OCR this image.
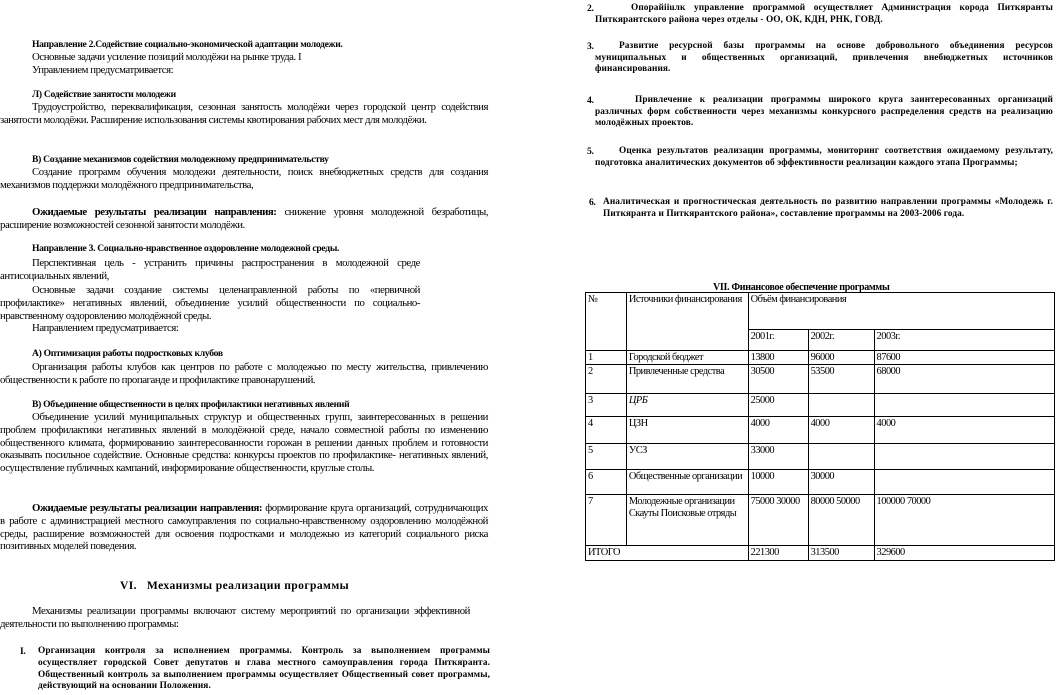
Направление 2.Содействие социально-экономической адаптации молодежи.
Основные задачи усиление позиций молодёжи на рынке труда. I
Управлением предусматривается:
Л) Содействие занятости молодежи

Трудоустройство, переквалификация, сезонная занятость молодёжи через городской центр содействия занятости молодёжи. Расширение использования системы квотирования рабочих мест для молодёжи.

В) Создание механизмов содействия молодежному предпринимательству

Создание программ обучения молодежи деятельности, поиск внебюджетных средств для создания механизмов поддержки молодёжного предпринимательства,

Ожидаемые результаты реализации направления: снижение уровня молодежной безработицы, расширение возможностей сезонной занятости молодёжи.

Направление 3. Социально-нравственное оздоровление молодежной среды.

Перспективная цель - устранить причины распространения в молодежной среде антисоциальных явлений,

Основные задачи создание системы целенаправленной работы по «первичной профилактике» негативных явлений, объединение усилий общественности по социально-нравственному оздоровлению молодёжной среды.

Направлением предусматривается:
А) Оптимизация работы подростковых клубов

Организация работы клубов как центров по работе с молодежью по месту жительства, привлечению общественности к работе по пропаганде и профилактике правонарушений.

В) Объединение общественности в целях профилактики негативных явлений

Объединение усилий муниципальных структур и общественных групп, заинтересованных в решении проблем профилактики негативных явлений в молодёжной среде, начало совместной работы по изменению общественного климата, формированию заинтересованности горожан в решении данных проблем и готовности оказывать посильное содействие. Основные средства: конкурсы проектов по профилактике- негативных явлений, осуществление публичных кампаний, информирование общественности, круглые столы.

Ожидаемые результаты реализации направления: формирование круга организаций, сотрудничающих в работе с администрацией местного самоуправления по социально-нравственному оздоровлению молодёжной среды, расширение возможностей для освоения подростками и молодежью из категорий социального риска позитивных моделей поведения.

VI. Механизмы реализации программы

Механизмы реализации программы включают систему мероприятий по организации эффективной деятельности по выполнению программы:

I. Организация контроля за исполнением программы. Контроль за выполнением программы осуществляет городской Совет депутатов и глава местного самоуправления города Питкяранта. Общественный контроль за выполнением программы осуществляет Общественный совет программы, действующий на основании Положения.

2.	Опорайiiuлк управление программой осуществляет Администрация корода Питкяранты Питкярантского района через отделы - ОО, ОК, КДН, РНК, ГОВД.

3.	Развитие ресурсной базы программы на основе добровольного объединения ресурсов муниципальных и общественных организаций, привлечения внебюджетных источников финансирования.

4.	Привлечение к реализации программы широкого круга заинтересованных организаций различных форм собственности через механизмы конкурсного распределения средств на реализацию молодёжных проектов.

5.	Оценка результатов реализации программы, мониторинг соответствия ожидаемому результату, подготовка аналитических документов об эффективности реализации каждого этапа Программы;

6. Аналитическая и прогностическая деятельность по развитию направлении программы «Молодежь г. Питкяранта и Питкярантского района», составление программы на 2003-2006 года.

VII. Финансовое обеспечение программы
№	Источники финансирования	Объём финансирования		
		2001г.	2002г.	2003г.
1	Городской бюджет	13800	96000	87600
2	Привлеченные средства	30500	53500	68000
3	ЦРБ	25000		
4	ЦЗН	4000	4000	4000
5	УСЗ	33000		
6	Общественные организации	10000	30000	
7	Молодежные организации Скауты Поисковые отряды	75000 30000	80000 50000	100000 70000
ИТОГО		221300	313500	329600
